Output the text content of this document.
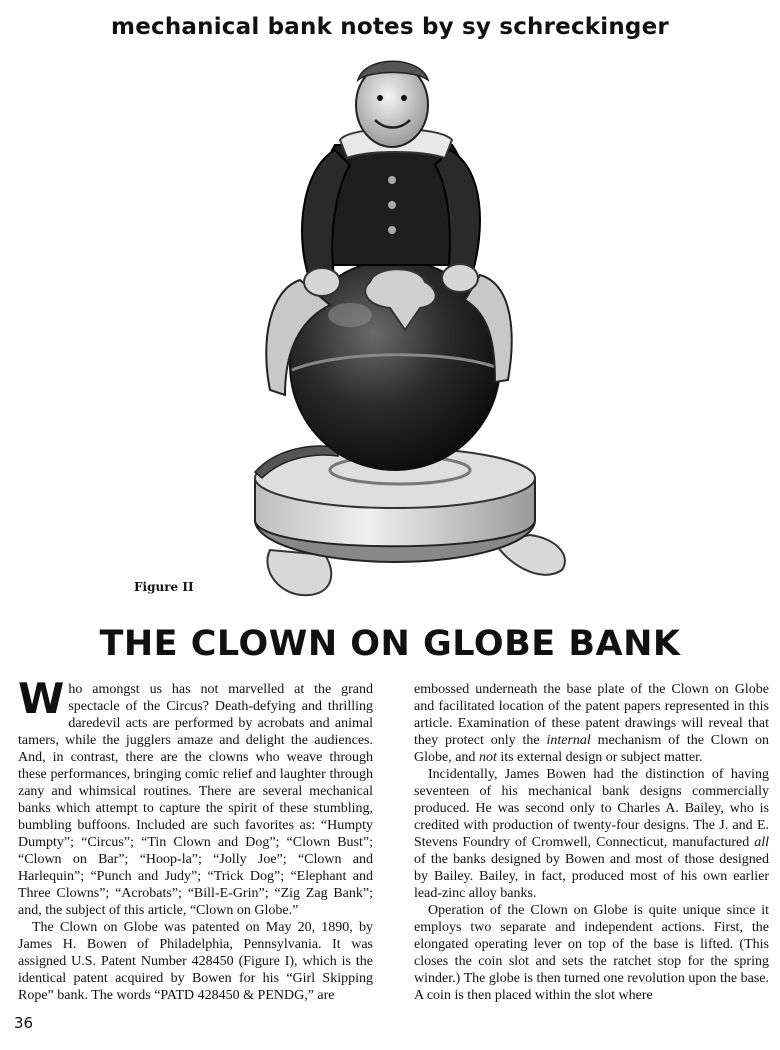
mechanical bank notes by sy schreckinger
Figure II
THE CLOWN ON GLOBE BANK

Who amongst us has not marvelled at the grand spectacle of the Circus? Death-defying and thrilling daredevil acts are performed by acrobats and animal tamers, while the jugglers amaze and delight the audiences. And, in contrast, there are the clowns who weave through these performances, bringing comic relief and laughter through zany and whimsical routines. There are several mechanical banks which attempt to capture the spirit of these stumbling, bumbling buffoons. Included are such favorites as: “Humpty Dumpty”; “Circus”; “Tin Clown and Dog”; “Clown Bust”; “Clown on Bar”; “Hoop-la”; “Jolly Joe”; “Clown and Harlequin”; “Punch and Judy”; “Trick Dog”; “Elephant and Three Clowns”; “Acrobats”; “Bill-E-Grin”; “Zig Zag Bank”; and, the subject of this article, “Clown on Globe.”

The Clown on Globe was patented on May 20, 1890, by James H. Bowen of Philadelphia, Pennsylvania. It was assigned U.S. Patent Number 428450 (Figure I), which is the identical patent acquired by Bowen for his “Girl Skipping Rope” bank. The words “PATD 428450 & PENDG,” are

embossed underneath the base plate of the Clown on Globe and facilitated location of the patent papers represented in this article. Examination of these patent drawings will reveal that they protect only the internal mechanism of the Clown on Globe, and not its external design or subject matter.

Incidentally, James Bowen had the distinction of having seventeen of his mechanical bank designs commercially produced. He was second only to Charles A. Bailey, who is credited with production of twenty-four designs. The J. and E. Stevens Foundry of Cromwell, Connecticut, manufactured all of the banks designed by Bowen and most of those designed by Bailey. Bailey, in fact, produced most of his own earlier lead-zinc alloy banks.

Operation of the Clown on Globe is quite unique since it employs two separate and independent actions. First, the elongated operating lever on top of the base is lifted. (This closes the coin slot and sets the ratchet stop for the spring winder.) The globe is then turned one revolution upon the base. A coin is then placed within the slot where

36
